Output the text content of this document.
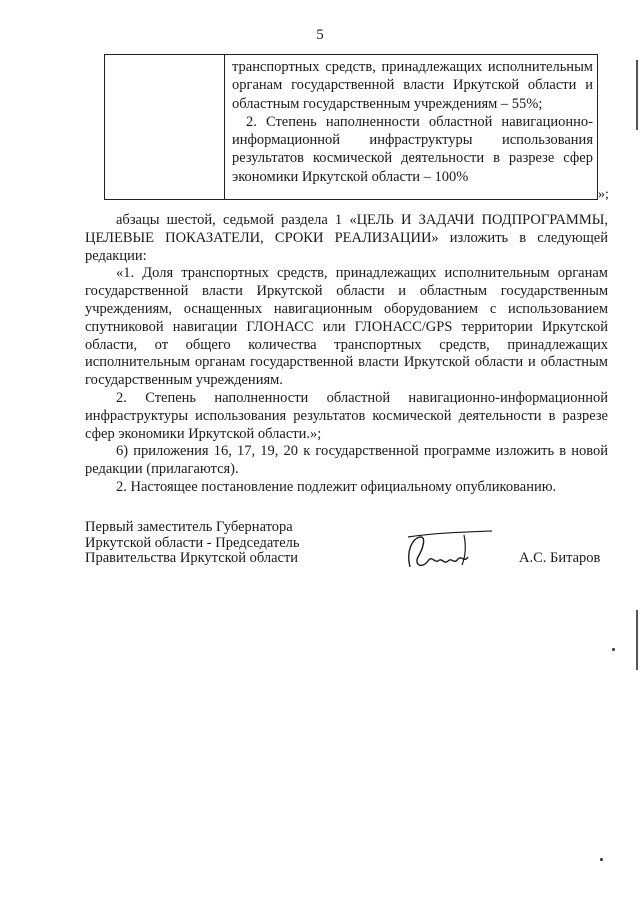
5

транспортных средств, принадлежащих исполнительным органам государственной власти Иркутской области и областным государственным учреждениям – 55%;

2. Степень наполненности областной навигационно-информационной инфраструктуры использования результатов космической деятельности в разрезе сфер экономики Иркутской области – 100%

»;

абзацы шестой, седьмой раздела 1 «ЦЕЛЬ И ЗАДАЧИ ПОДПРОГРАММЫ, ЦЕЛЕВЫЕ ПОКАЗАТЕЛИ, СРОКИ РЕАЛИЗАЦИИ» изложить в следующей редакции:

«1. Доля транспортных средств, принадлежащих исполнительным органам государственной власти Иркутской области и областным государственным учреждениям, оснащенных навигационным оборудованием с использованием спутниковой навигации ГЛОНАСС или ГЛОНАСС/GPS территории Иркутской области, от общего количества транспортных средств, принадлежащих исполнительным органам государственной власти Иркутской области и областным государственным учреждениям.

2. Степень наполненности областной навигационно-информационной инфраструктуры использования результатов космической деятельности в разрезе сфер экономики Иркутской области.»;

6) приложения 16, 17, 19, 20 к государственной программе изложить в новой редакции (прилагаются).

2. Настоящее постановление подлежит официальному опубликованию.

Первый заместитель Губернатора
Иркутской области - Председатель
Правительства Иркутской области	А.С. Битаров
